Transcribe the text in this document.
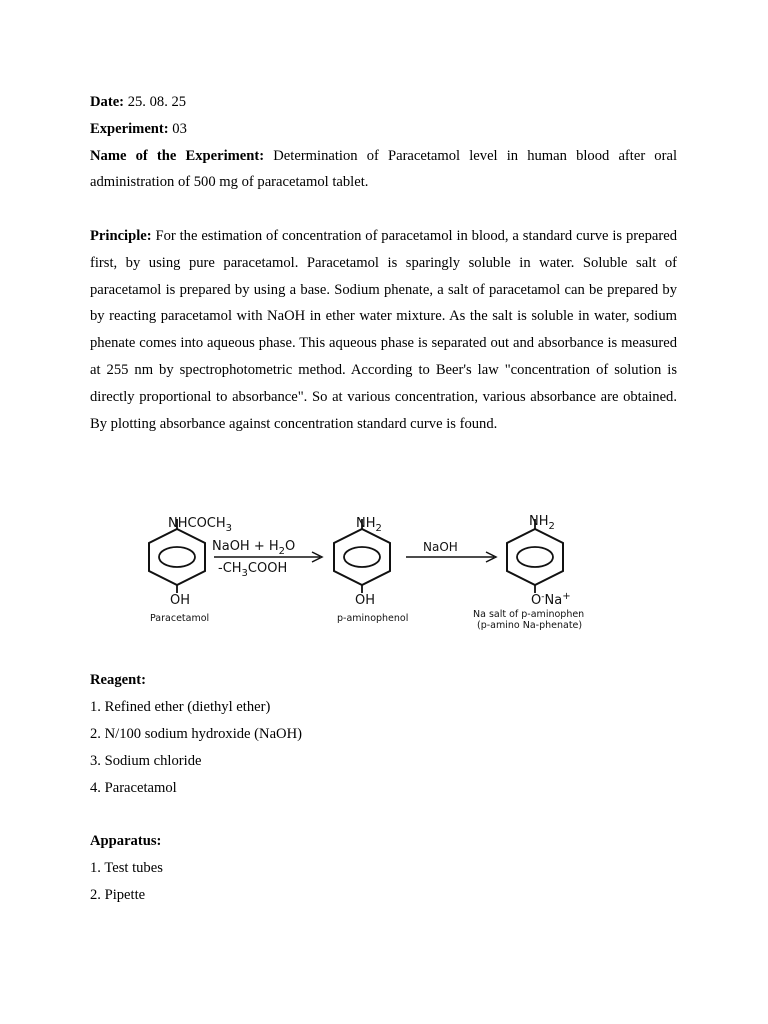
Date: 25. 08. 25

Experiment: 03

Name of the Experiment: Determination of Paracetamol level in human blood after oral administration of 500 mg of paracetamol tablet.

Principle: For the estimation of concentration of paracetamol in blood, a standard curve is prepared first, by using pure paracetamol. Paracetamol is sparingly soluble in water. Soluble salt of paracetamol is prepared by using a base. Sodium phenate, a salt of paracetamol can be prepared by by reacting paracetamol with NaOH in ether water mixture. As the salt is soluble in water, sodium phenate comes into aqueous phase. This aqueous phase is separated out and absorbance is measured at 255 nm by spectrophotometric method. According to Beer's law "concentration of solution is directly proportional to absorbance". So at various concentration, various absorbance are obtained. By plotting absorbance against concentration standard curve is found.

$NHCOCH_3$
OH
Paracetamol
NaOH + $H_2O$
$-CH_3COOH$
$NH_2$
OH
p-aminophenol
NaOH
$NH_2$
O-Na+
Na salt of p-aminophen
(p-amino Na-phenate)

Reagent:

1. Refined ether (diethyl ether)

2. N/100 sodium hydroxide (NaOH)

3. Sodium chloride

4. Paracetamol

Apparatus:

1. Test tubes

2. Pipette
